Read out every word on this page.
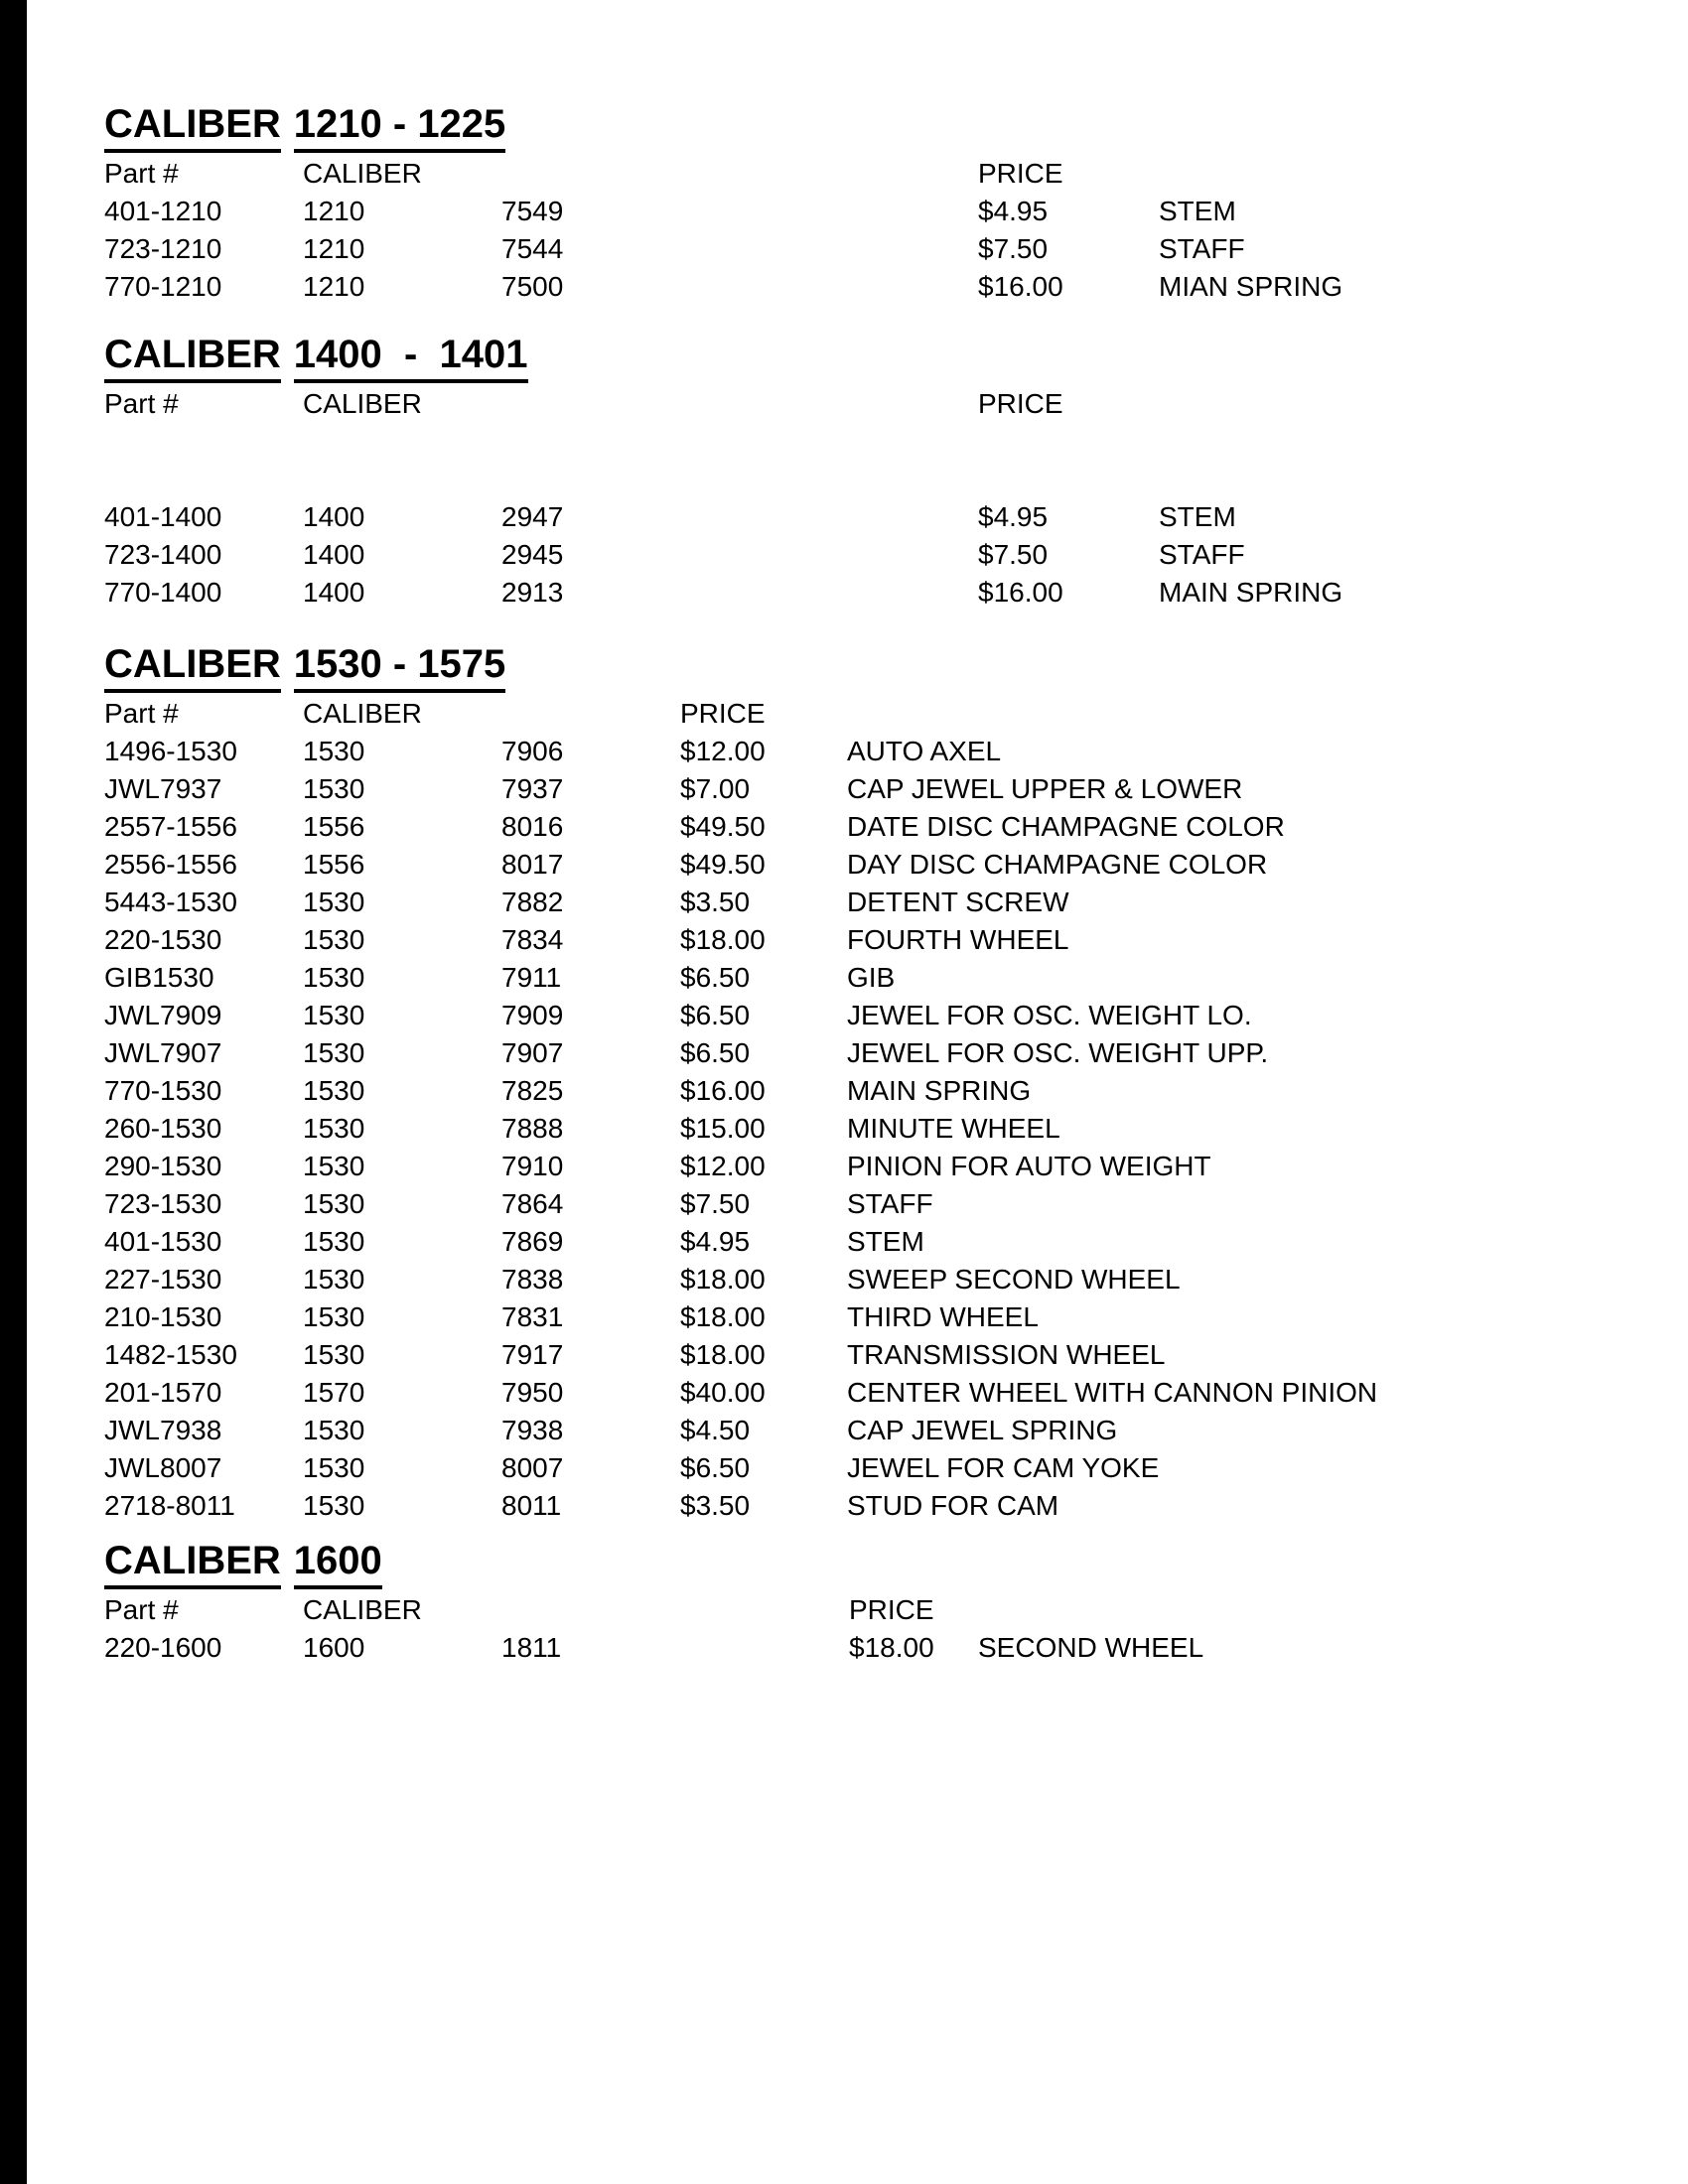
CALIBER 1210 - 1225
Part #	CALIBER	PRICE
401-1210	1210	7549	$4.95	STEM
723-1210	1210	7544	$7.50	STAFF
770-1210	1210	7500	$16.00	MIAN SPRING
CALIBER 1400  -  1401
Part #	CALIBER	PRICE
401-1400	1400	2947	$4.95	STEM
723-1400	1400	2945	$7.50	STAFF
770-1400	1400	2913	$16.00	MAIN SPRING
CALIBER 1530 - 1575
Part #	CALIBER	PRICE
1496-1530 1530	7906	$12.00	AUTO AXEL
JWL7937	1530	7937	$7.00	CAP JEWEL UPPER & LOWER
2557-1556 1556	8016	$49.50	DATE DISC CHAMPAGNE COLOR
2556-1556 1556	8017	$49.50	DAY DISC CHAMPAGNE COLOR
5443-1530 1530	7882	$3.50	DETENT SCREW
220-1530	1530	7834	$18.00	FOURTH WHEEL
GIB1530	1530	7911	$6.50	GIB
JWL7909	1530	7909	$6.50	JEWEL FOR OSC. WEIGHT LO.
JWL7907	1530	7907	$6.50	JEWEL FOR OSC. WEIGHT UPP.
770-1530	1530	7825	$16.00	MAIN SPRING
260-1530	1530	7888	$15.00	MINUTE WHEEL
290-1530	1530	7910	$12.00	PINION FOR AUTO WEIGHT
723-1530	1530	7864	$7.50	STAFF
401-1530	1530	7869	$4.95	STEM
227-1530	1530	7838	$18.00	SWEEP SECOND WHEEL
210-1530	1530	7831	$18.00	THIRD WHEEL
1482-1530 1530	7917	$18.00	TRANSMISSION WHEEL
201-1570	1570	7950	$40.00	CENTER WHEEL WITH CANNON PINION
JWL7938	1530	7938	$4.50	CAP JEWEL SPRING
JWL8007	1530	8007	$6.50	JEWEL FOR CAM YOKE
2718-8011 1530	8011	$3.50	STUD FOR CAM
CALIBER 1600
Part #	CALIBER	PRICE
220-1600	1600	1811	$18.00 SECOND WHEEL
